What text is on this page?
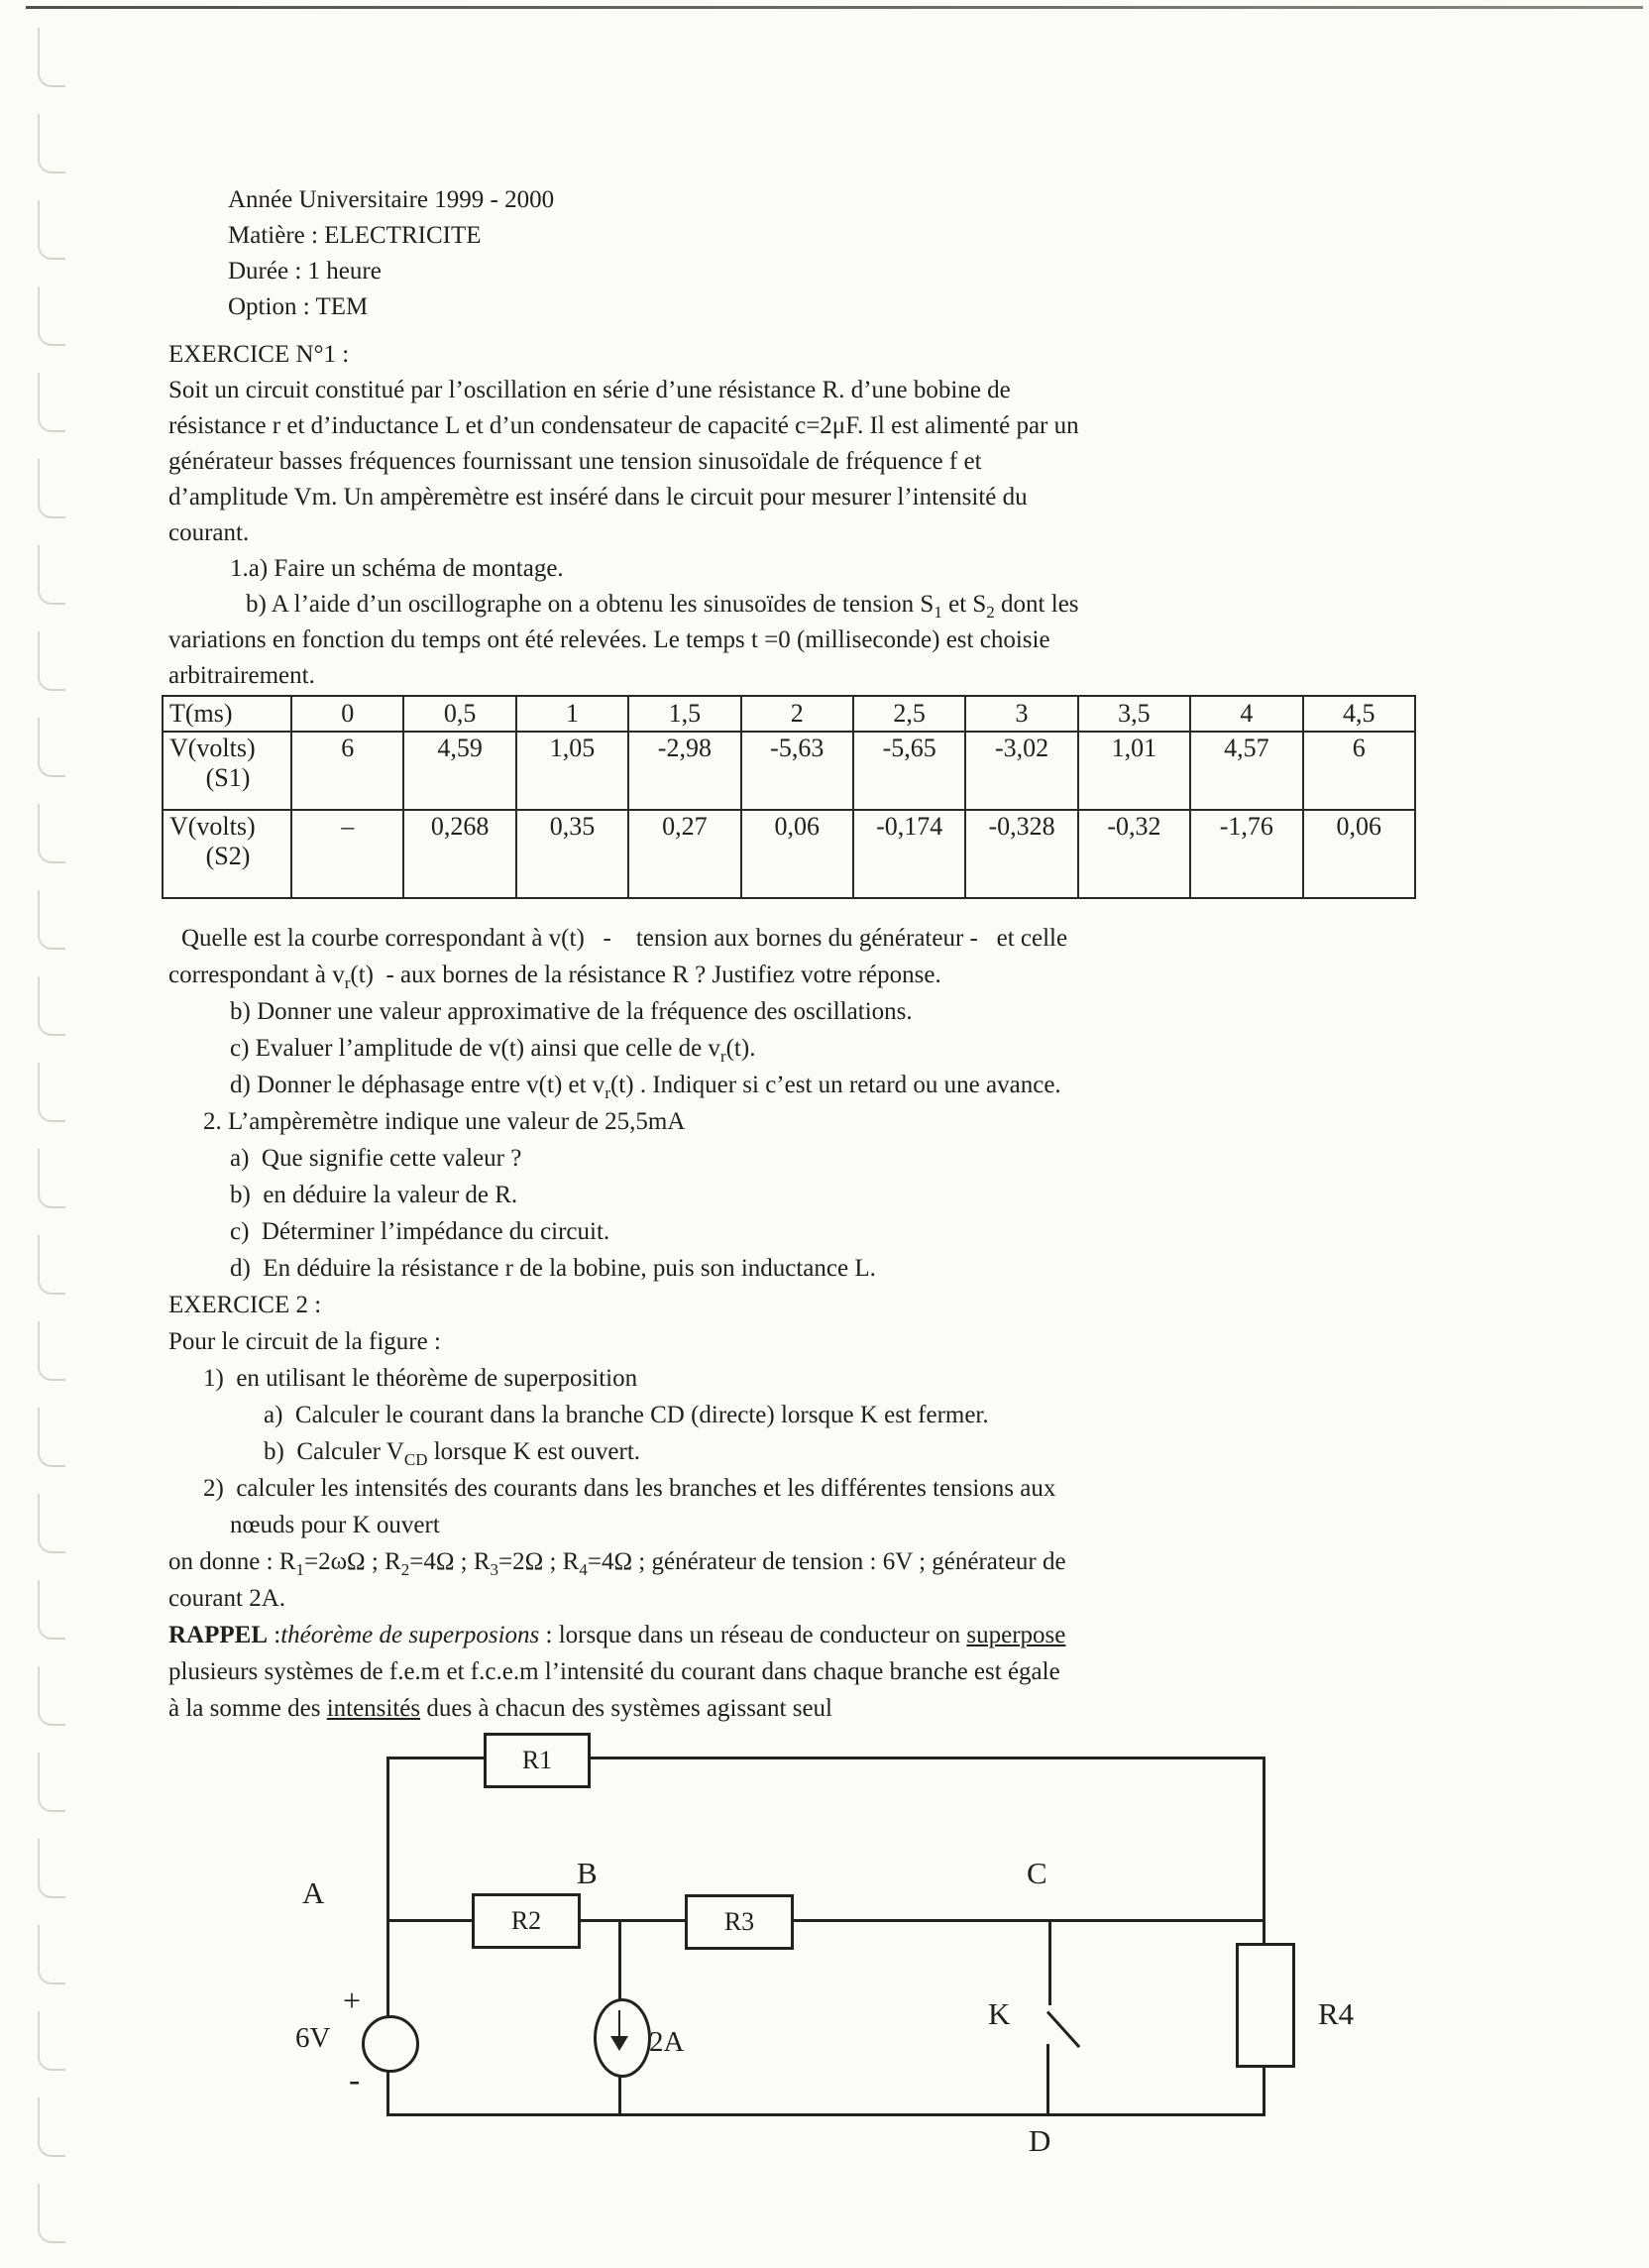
Année Universitaire 1999 - 2000
Matière : ELECTRICITE
Durée : 1 heure
Option : TEM
EXERCICE N°1 :
Soit un circuit constitué par l’oscillation en série d’une résistance R. d’une bobine de
résistance r et d’inductance L et d’un condensateur de capacité c=2μF. Il est alimenté par un
générateur basses fréquences fournissant une tension sinusoïdale de fréquence f et
d’amplitude Vm. Un ampèremètre est inséré dans le circuit pour mesurer l’intensité du
courant.
1.a) Faire un schéma de montage.
b) A l’aide d’un oscillographe on a obtenu les sinusoïdes de tension $S_1$ et $S_2$ dont les
variations en fonction du temps ont été relevées. Le temps t =0 (milliseconde) est choisie
arbitrairement.
T(ms)	0	0,5	1	1,5	2	2,5	3	3,5	4	4,5

V(volts)
(S1)	6	4,59	1,05	-2,98	-5,63	-5,65	-3,02	1,01	4,57	6

V(volts)
(S2)	–	0,268	0,35	0,27	0,06	-0,174	-0,328	-0,32	-1,76	0,06
Quelle est la courbe correspondant à v(t)   -    tension aux bornes du générateur -   et celle
correspondant à $v_r(t)$  - aux bornes de la résistance R ? Justifiez votre réponse.
b) Donner une valeur approximative de la fréquence des oscillations.
c) Evaluer l’amplitude de v(t) ainsi que celle de $v_r(t)$.
d) Donner le déphasage entre v(t) et $v_r(t)$ . Indiquer si c’est un retard ou une avance.
2. L’ampèremètre indique une valeur de 25,5mA
a)  Que signifie cette valeur ?
b)  en déduire la valeur de R.
c)  Déterminer l’impédance du circuit.
d)  En déduire la résistance r de la bobine, puis son inductance L.
EXERCICE 2 :
Pour le circuit de la figure :
1)  en utilisant le théorème de superposition
a)  Calculer le courant dans la branche CD (directe) lorsque K est fermer.
b)  Calculer $V_{CD}$ lorsque K est ouvert.
2)  calculer les intensités des courants dans les branches et les différentes tensions aux
nœuds pour K ouvert
on donne : $R_1=2\omega\Omega$ ; $R_2=4\Omega$ ; $R_3=2\Omega$ ; $R_4=4\Omega$ ; générateur de tension : 6V ; générateur de
courant 2A.
RAPPEL :théorème de superposions : lorsque dans un réseau de conducteur on superpose
plusieurs systèmes de f.e.m et f.c.e.m l’intensité du courant dans chaque branche est égale
à la somme des intensités dues à chacun des systèmes agissant seul
R1
R2	R3
R4
+
-
6V	2A
K
A
B	C
D
